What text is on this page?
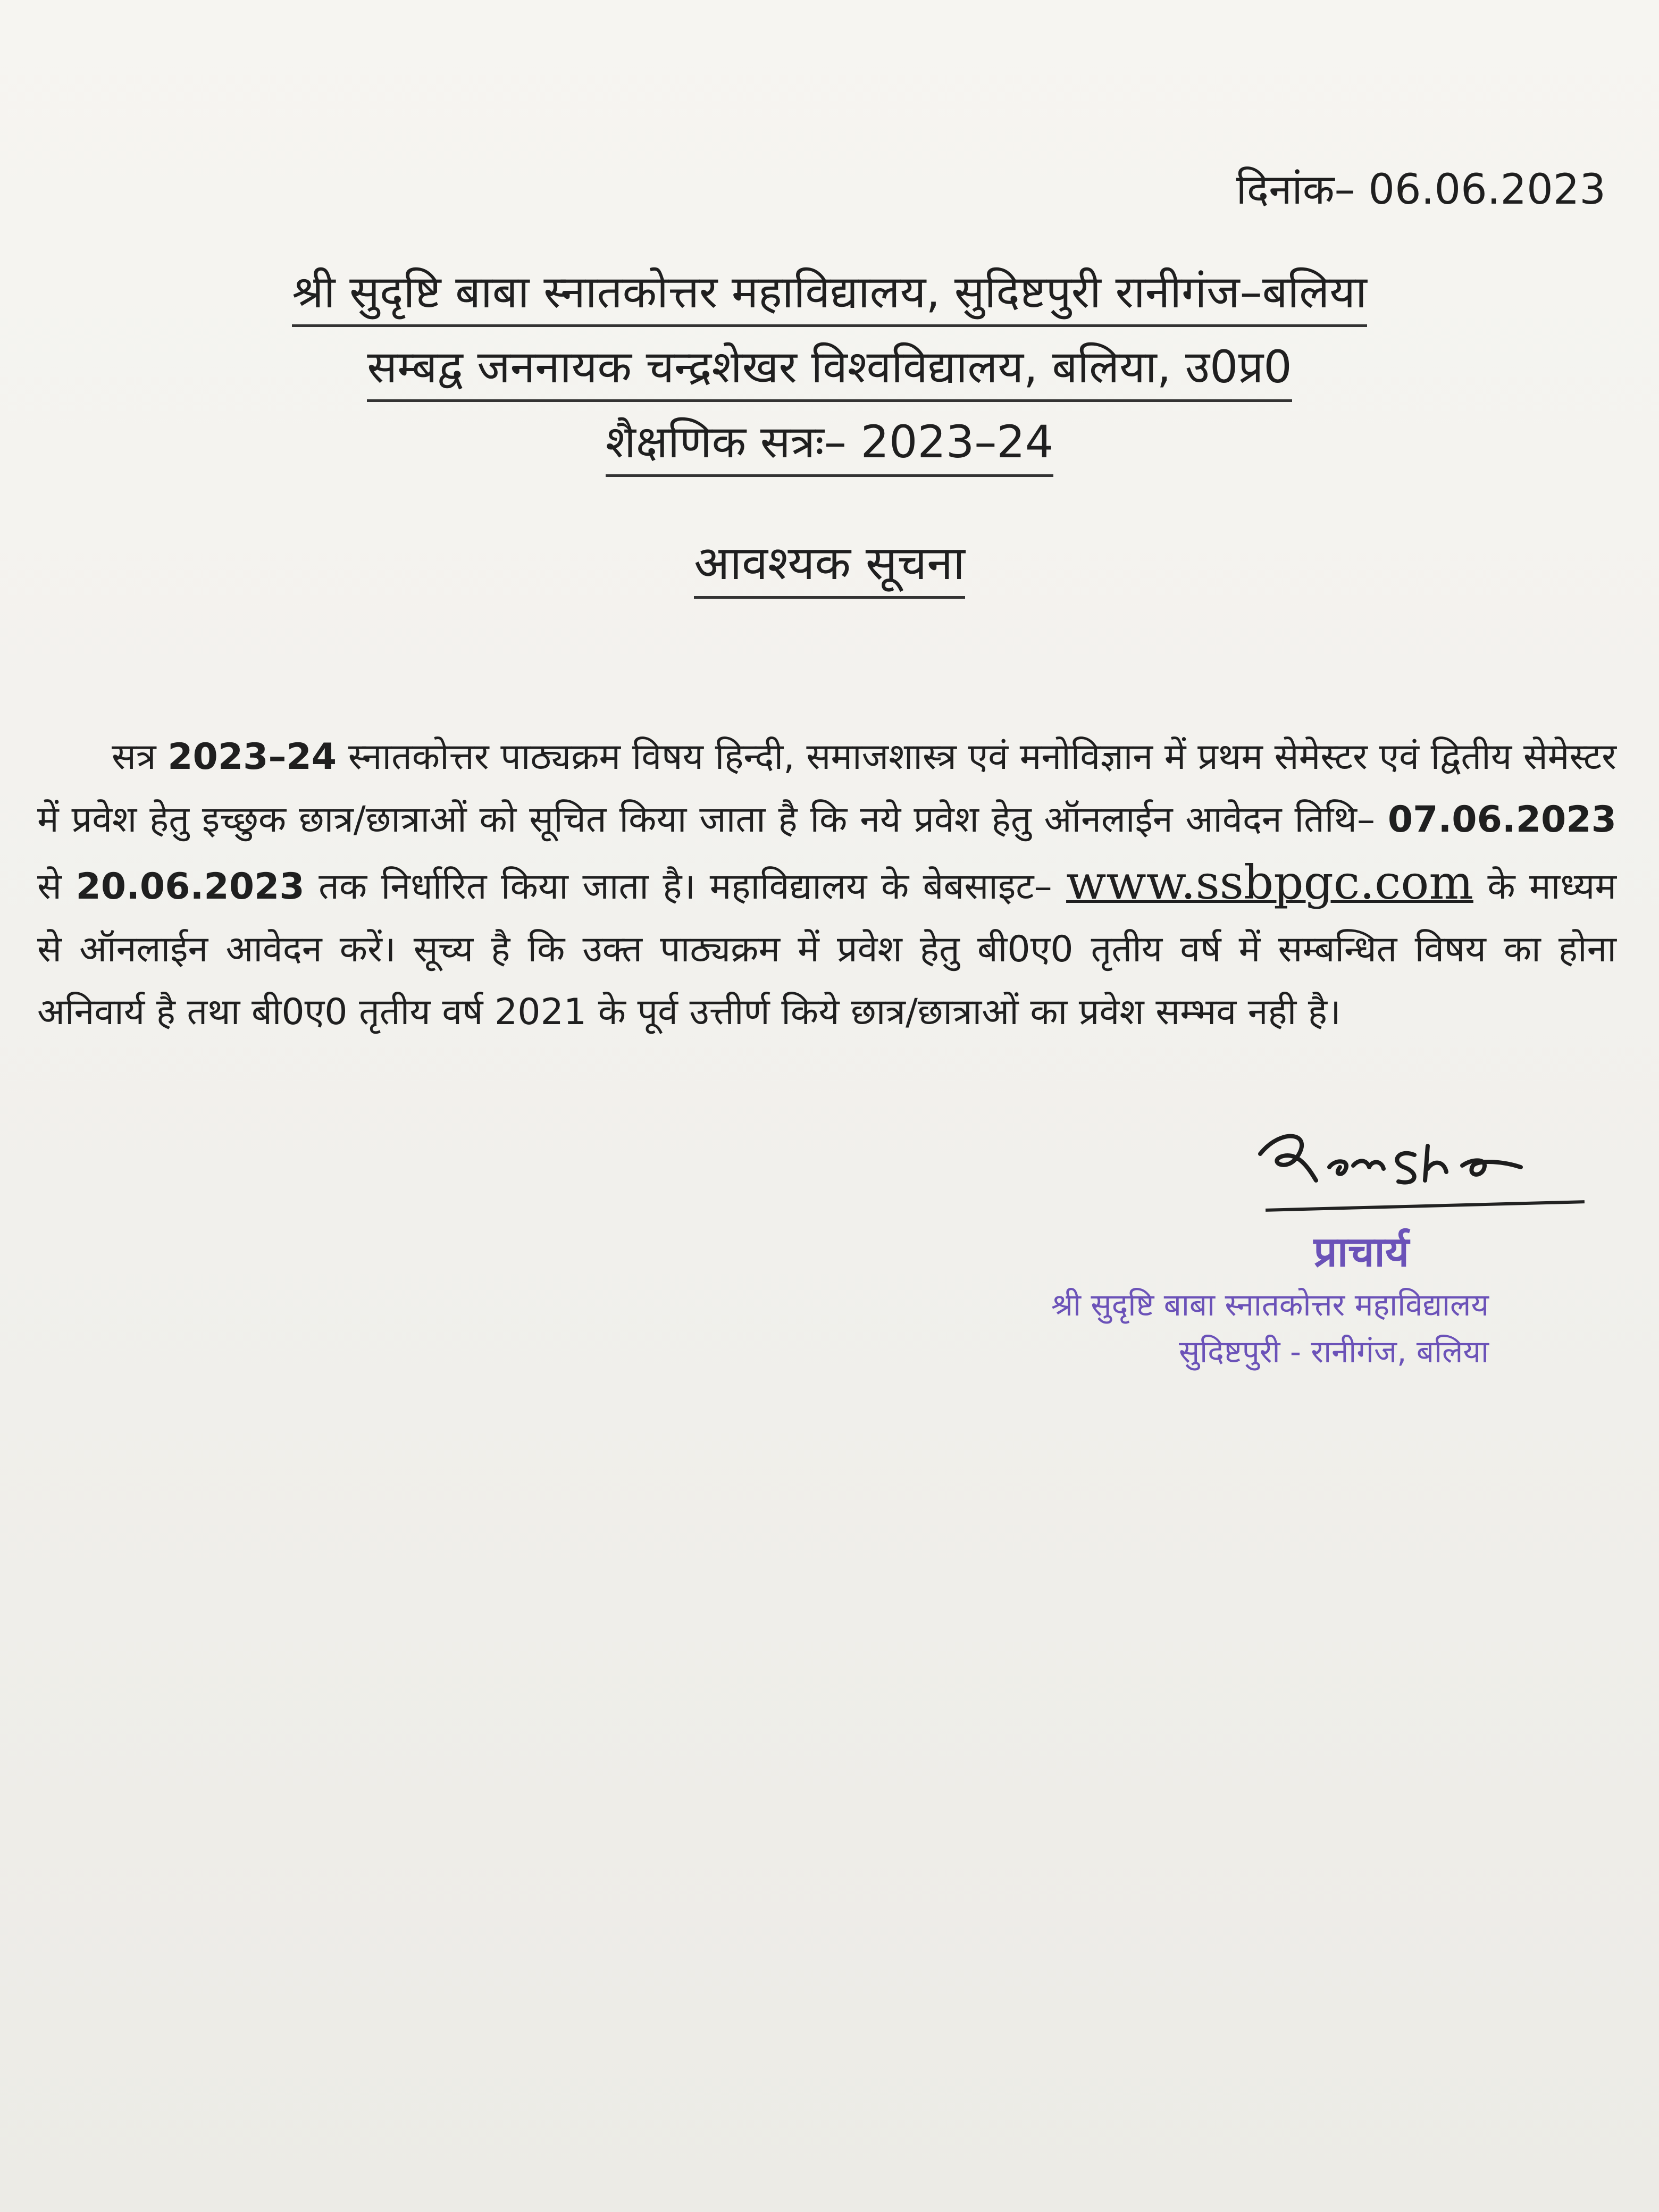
दिनांक– 06.06.2023
श्री सुदृष्टि बाबा स्नातकोत्तर महाविद्यालय, सुदिष्टपुरी रानीगंज–बलिया
सम्बद्व जननायक चन्द्रशेखर विश्वविद्यालय, बलिया, उ0प्र0
शैक्षणिक सत्रः– 2023–24
आवश्यक सूचना
सत्र 2023–24 स्नातकोत्तर पाठ्यक्रम विषय हिन्दी, समाजशास्त्र एवं मनोविज्ञान में प्रथम सेमेस्टर एवं द्वितीय सेमेस्टर में प्रवेश हेतु इच्छुक छात्र/छात्राओं को सूचित किया जाता है कि नये प्रवेश हेतु ऑनलाईन आवेदन तिथि– 07.06.2023 से 20.06.2023 तक निर्धारित किया जाता है। महाविद्यालय के बेबसाइट– www.ssbpgc.com के माध्यम से ऑनलाईन आवेदन करें। सूच्य है कि उक्त पाठ्यक्रम में प्रवेश हेतु बी0ए0 तृतीय वर्ष में सम्बन्धित विषय का होना अनिवार्य है तथा बी0ए0 तृतीय वर्ष 2021 के पूर्व उत्तीर्ण किये छात्र/छात्राओं का प्रवेश सम्भव नही है।
प्राचार्य
श्री सुदृष्टि बाबा स्नातकोत्तर महाविद्यालय
सुदिष्टपुरी - रानीगंज, बलिया
